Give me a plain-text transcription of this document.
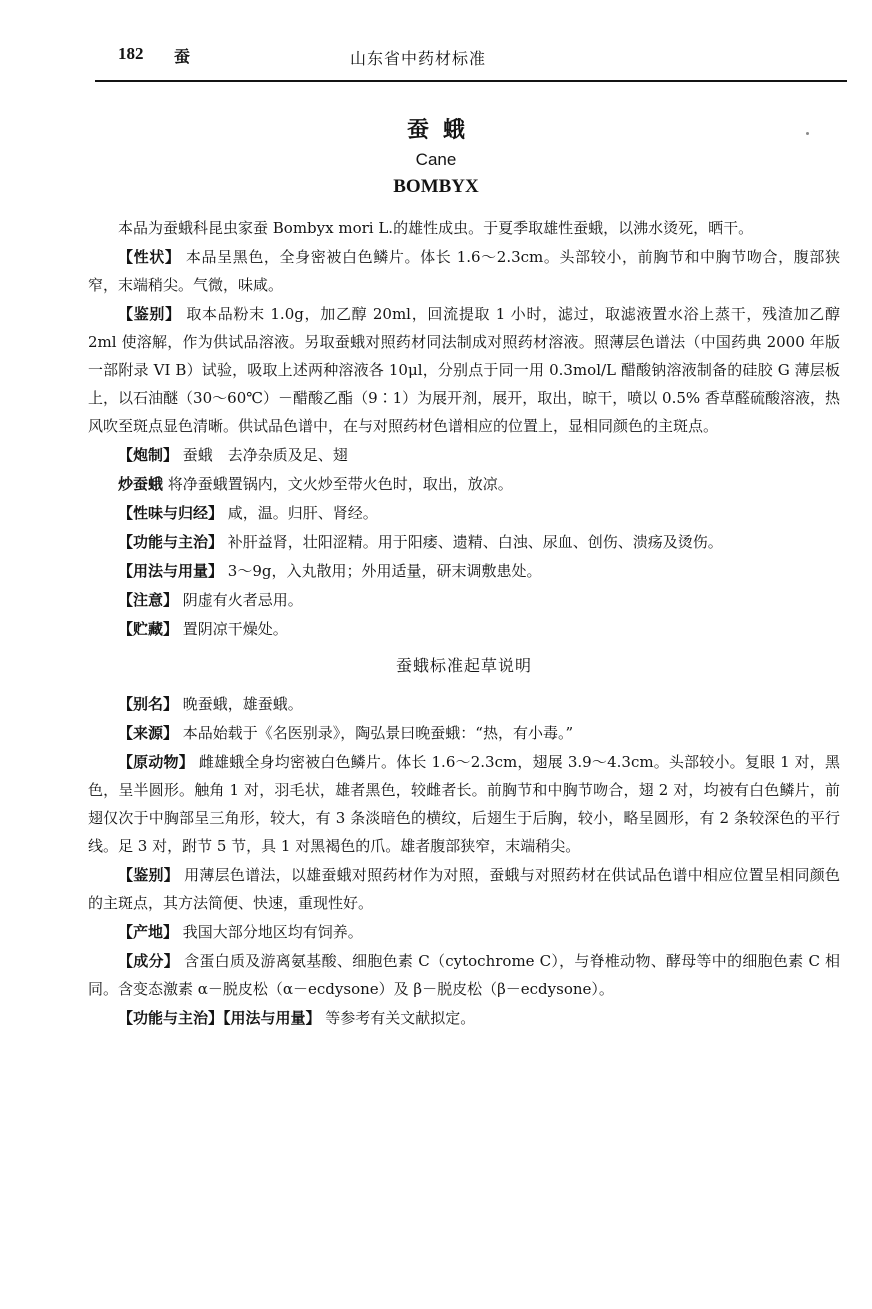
182 蚕	山东省中药材标准
蚕蛾
Cane
BOMBYX

本品为蚕蛾科昆虫家蚕 Bombyx mori L.的雄性成虫。于夏季取雄性蚕蛾，以沸水烫死，晒干。

【性状】 本品呈黑色，全身密被白色鳞片。体长 1.6～2.3cm。头部较小，前胸节和中胸节吻合，腹部狭窄，末端稍尖。气微，味咸。

【鉴别】 取本品粉末 1.0g，加乙醇 20ml，回流提取 1 小时，滤过，取滤液置水浴上蒸干，残渣加乙醇 2ml 使溶解，作为供试品溶液。另取蚕蛾对照药材同法制成对照药材溶液。照薄层色谱法（中国药典 2000 年版一部附录 VI B）试验，吸取上述两种溶液各 10μl，分别点于同一用 0.3mol/L 醋酸钠溶液制备的硅胶 G 薄层板上，以石油醚（30～60℃）－醋酸乙酯（9∶1）为展开剂，展开，取出，晾干，喷以 0.5% 香草醛硫酸溶液，热风吹至斑点显色清晰。供试品色谱中，在与对照药材色谱相应的位置上，显相同颜色的主斑点。

【炮制】 蚕蛾　去净杂质及足、翅

炒蚕蛾 将净蚕蛾置锅内，文火炒至带火色时，取出，放凉。

【性味与归经】 咸，温。归肝、肾经。

【功能与主治】 补肝益肾，壮阳涩精。用于阳痿、遗精、白浊、尿血、创伤、溃疡及烫伤。

【用法与用量】 3～9g，入丸散用；外用适量，研末调敷患处。

【注意】 阴虚有火者忌用。

【贮藏】 置阴凉干燥处。

蚕蛾标准起草说明

【别名】 晚蚕蛾，雄蚕蛾。

【来源】 本品始载于《名医别录》，陶弘景曰晚蚕蛾：“热，有小毒。”

【原动物】 雌雄蛾全身均密被白色鳞片。体长 1.6～2.3cm，翅展 3.9～4.3cm。头部较小。复眼 1 对，黑色，呈半圆形。触角 1 对，羽毛状，雄者黑色，较雌者长。前胸节和中胸节吻合，翅 2 对，均被有白色鳞片，前翅仅次于中胸部呈三角形，较大，有 3 条淡暗色的横纹，后翅生于后胸，较小，略呈圆形，有 2 条较深色的平行线。足 3 对，跗节 5 节，具 1 对黑褐色的爪。雄者腹部狭窄，末端稍尖。

【鉴别】 用薄层色谱法，以雄蚕蛾对照药材作为对照，蚕蛾与对照药材在供试品色谱中相应位置呈相同颜色的主斑点，其方法简便、快速，重现性好。

【产地】 我国大部分地区均有饲养。

【成分】 含蛋白质及游离氨基酸、细胞色素 C（cytochrome C），与脊椎动物、酵母等中的细胞色素 C 相同。含变态激素 α－脱皮松（α－ecdysone）及 β－脱皮松（β－ecdysone）。

【功能与主治】【用法与用量】 等参考有关文献拟定。
